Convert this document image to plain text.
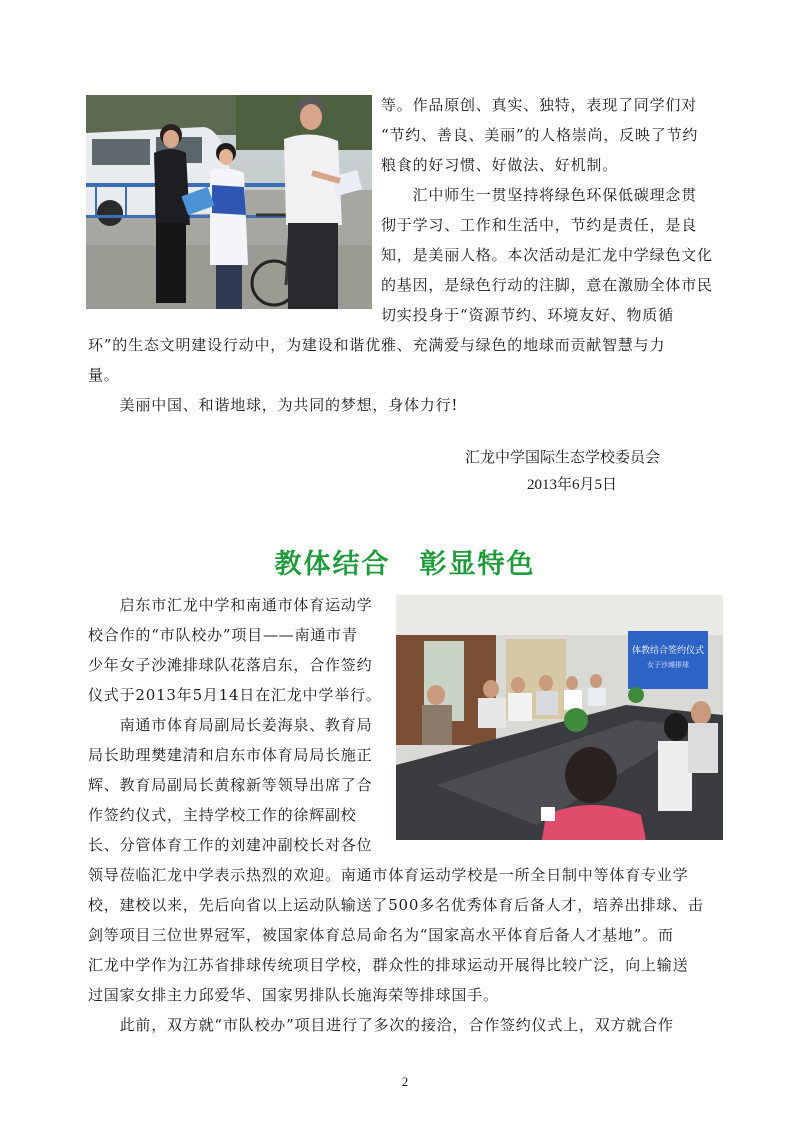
等。作品原创、真实、独特，表现了同学们对
“节约、善良、美丽”的人格崇尚，反映了节约
粮食的好习惯、好做法、好机制。
　　汇中师生一贯坚持将绿色环保低碳理念贯
彻于学习、工作和生活中，节约是责任，是良
知，是美丽人格。本次活动是汇龙中学绿色文化
的基因，是绿色行动的注脚，意在激励全体市民
切实投身于“资源节约、环境友好、物质循
环”的生态文明建设行动中，为建设和谐优雅、充满爱与绿色的地球而贡献智慧与力
量。
　　美丽中国、和谐地球，为共同的梦想，身体力行!
汇龙中学国际生态学校委员会
2013年6月5日
教体结合　彰显特色
体教结合签约仪式
女子沙滩排球
　　启东市汇龙中学和南通市体育运动学
校合作的“市队校办”项目——南通市青
少年女子沙滩排球队花落启东，合作签约
仪式于2013年5月14日在汇龙中学举行。
　　南通市体育局副局长姜海泉、教育局
局长助理樊建清和启东市体育局局长施正
辉、教育局副局长黄稼新等领导出席了合
作签约仪式，主持学校工作的徐辉副校
长、分管体育工作的刘建冲副校长对各位
领导莅临汇龙中学表示热烈的欢迎。南通市体育运动学校是一所全日制中等体育专业学
校，建校以来，先后向省以上运动队输送了500多名优秀体育后备人才，培养出排球、击
剑等项目三位世界冠军，被国家体育总局命名为“国家高水平体育后备人才基地”。而
汇龙中学作为江苏省排球传统项目学校，群众性的排球运动开展得比较广泛，向上输送
过国家女排主力邱爱华、国家男排队长施海荣等排球国手。
　　此前，双方就“市队校办”项目进行了多次的接洽，合作签约仪式上，双方就合作
2
